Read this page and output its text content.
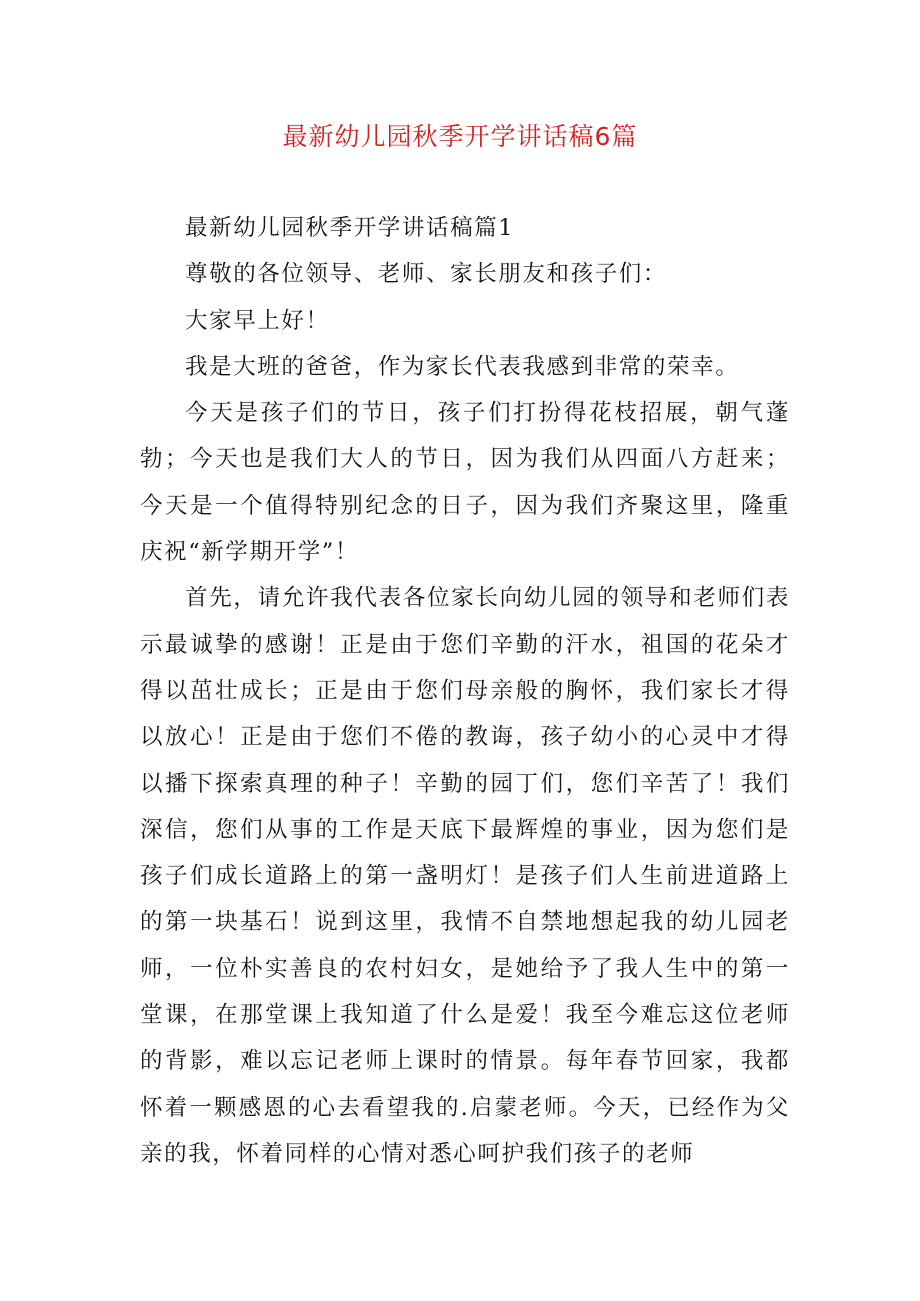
最新幼儿园秋季开学讲话稿6篇

最新幼儿园秋季开学讲话稿篇1

尊敬的各位领导、老师、家长朋友和孩子们：

大家早上好！

我是大班的爸爸，作为家长代表我感到非常的荣幸。

今天是孩子们的节日，孩子们打扮得花枝招展，朝气蓬勃；今天也是我们大人的节日，因为我们从四面八方赶来；今天是一个值得特别纪念的日子，因为我们齐聚这里，隆重庆祝“新学期开学”！

首先，请允许我代表各位家长向幼儿园的领导和老师们表示最诚挚的感谢！正是由于您们辛勤的汗水，祖国的花朵才得以茁壮成长；正是由于您们母亲般的胸怀，我们家长才得以放心！正是由于您们不倦的教诲，孩子幼小的心灵中才得以播下探索真理的种子！辛勤的园丁们，您们辛苦了！我们深信，您们从事的工作是天底下最辉煌的事业，因为您们是孩子们成长道路上的第一盏明灯！是孩子们人生前进道路上的第一块基石！说到这里，我情不自禁地想起我的幼儿园老师，一位朴实善良的农村妇女，是她给予了我人生中的第一堂课，在那堂课上我知道了什么是爱！我至今难忘这位老师的背影，难以忘记老师上课时的情景。每年春节回家，我都怀着一颗感恩的心去看望我的.启蒙老师。今天，已经作为父亲的我，怀着同样的心情对悉心呵护我们孩子的老师
